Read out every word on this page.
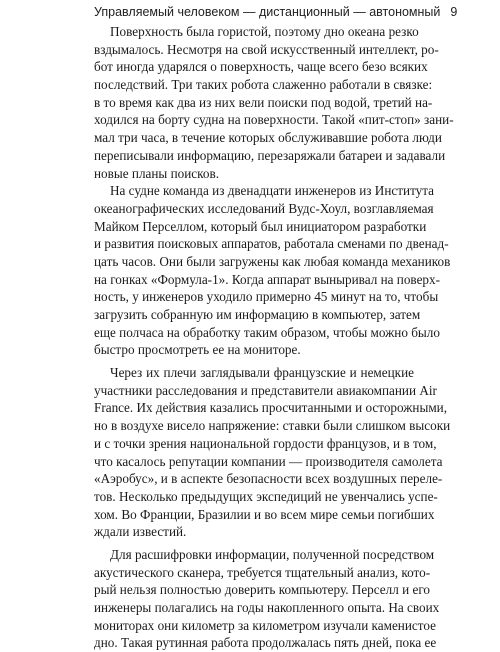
Управляемый человеком — дистанционный — автономный 9
Поверхность была гористой, поэтому дно океана резко
вздымалось. Несмотря на свой искусственный интеллект, ро-
бот иногда ударялся о поверхность, чаще всего безо всяких
последствий. Три таких робота слаженно работали в связке:
в то время как два из них вели поиски под водой, третий на-
ходился на борту судна на поверхности. Такой «пит-стоп» зани-
мал три часа, в течение которых обслуживавшие робота люди
переписывали информацию, перезаряжали батареи и задавали
новые планы поисков.
На судне команда из двенадцати инженеров из Института
океанографических исследований Вудс-Хоул, возглавляемая
Майком Перселлом, который был инициатором разработки
и развития поисковых аппаратов, работала сменами по двенад-
цать часов. Они были загружены как любая команда механиков
на гонках «Формула-1». Когда аппарат выныривал на поверх-
ность, у инженеров уходило примерно 45 минут на то, чтобы
загрузить собранную им информацию в компьютер, затем
еще полчаса на обработку таким образом, чтобы можно было
быстро просмотреть ее на мониторе.
Через их плечи заглядывали французские и немецкие
участники расследования и представители авиакомпании Air
France. Их действия казались просчитанными и осторожными,
но в воздухе висело напряжение: ставки были слишком высоки
и с точки зрения национальной гордости французов, и в том,
что касалось репутации компании — производителя самолета
«Аэробус», и в аспекте безопасности всех воздушных переле-
тов. Несколько предыдущих экспедиций не увенчались успе-
хом. Во Франции, Бразилии и во всем мире семьи погибших
ждали известий.
Для расшифровки информации, полученной посредством
акустического сканера, требуется тщательный анализ, кото-
рый нельзя полностью доверить компьютеру. Перселл и его
инженеры полагались на годы накопленного опыта. На своих
мониторах они километр за километром изучали каменистое
дно. Такая рутинная работа продолжалась пять дней, пока ее
